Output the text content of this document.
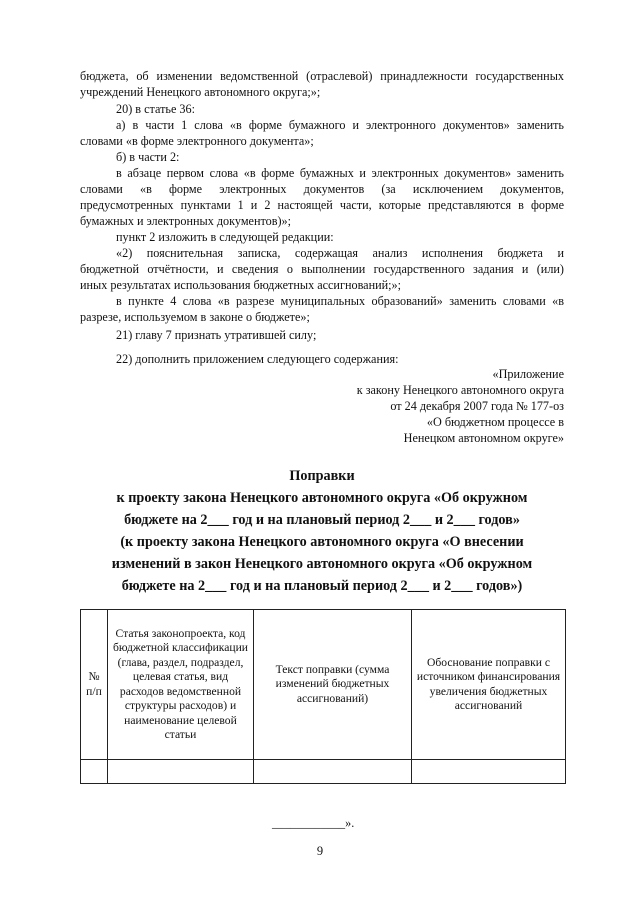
бюджета, об изменении ведомственной (отраслевой) принадлежности государственных
учреждений Ненецкого автономного округа;»;
20) в статье 36:
а) в части 1 слова «в форме бумажного и электронного документов» заменить
словами «в форме электронного документа»;
б) в части 2:
в абзаце первом слова «в форме бумажных и электронных документов» заменить
словами «в форме электронных документов (за исключением документов,
предусмотренных пунктами 1 и 2 настоящей части, которые представляются в форме
бумажных и электронных документов)»;
пункт 2 изложить в следующей редакции:
«2) пояснительная записка, содержащая анализ исполнения бюджета и
бюджетной отчётности, и сведения о выполнении государственного задания и (или)
иных результатах использования бюджетных ассигнований;»;
в пункте 4 слова «в разрезе муниципальных образований» заменить словами «в
разрезе, используемом в законе о бюджете»;
21) главу 7 признать утратившей силу;
22) дополнить приложением следующего содержания:
«Приложение
к закону Ненецкого автономного округа
от 24 декабря 2007 года № 177-оз
«О бюджетном процессе в
Ненецком автономном округе»
Поправки
к проекту закона Ненецкого автономного округа «Об окружном
бюджете на 2___ год и на плановый период 2___ и 2___ годов»
(к проекту закона Ненецкого автономного округа «О внесении
изменений в закон Ненецкого автономного округа «Об окружном
бюджете на 2___ год и на плановый период 2___ и 2___ годов»)
№ п/п	Статья законопроекта, код бюджетной классификации (глава, раздел, подраздел, целевая статья, вид расходов ведомственной структуры расходов) и наименование целевой статьи	Текст поправки (сумма изменений бюджетных ассигнований)	Обоснование поправки с источником финансирования увеличения бюджетных ассигнований

____________».
9
